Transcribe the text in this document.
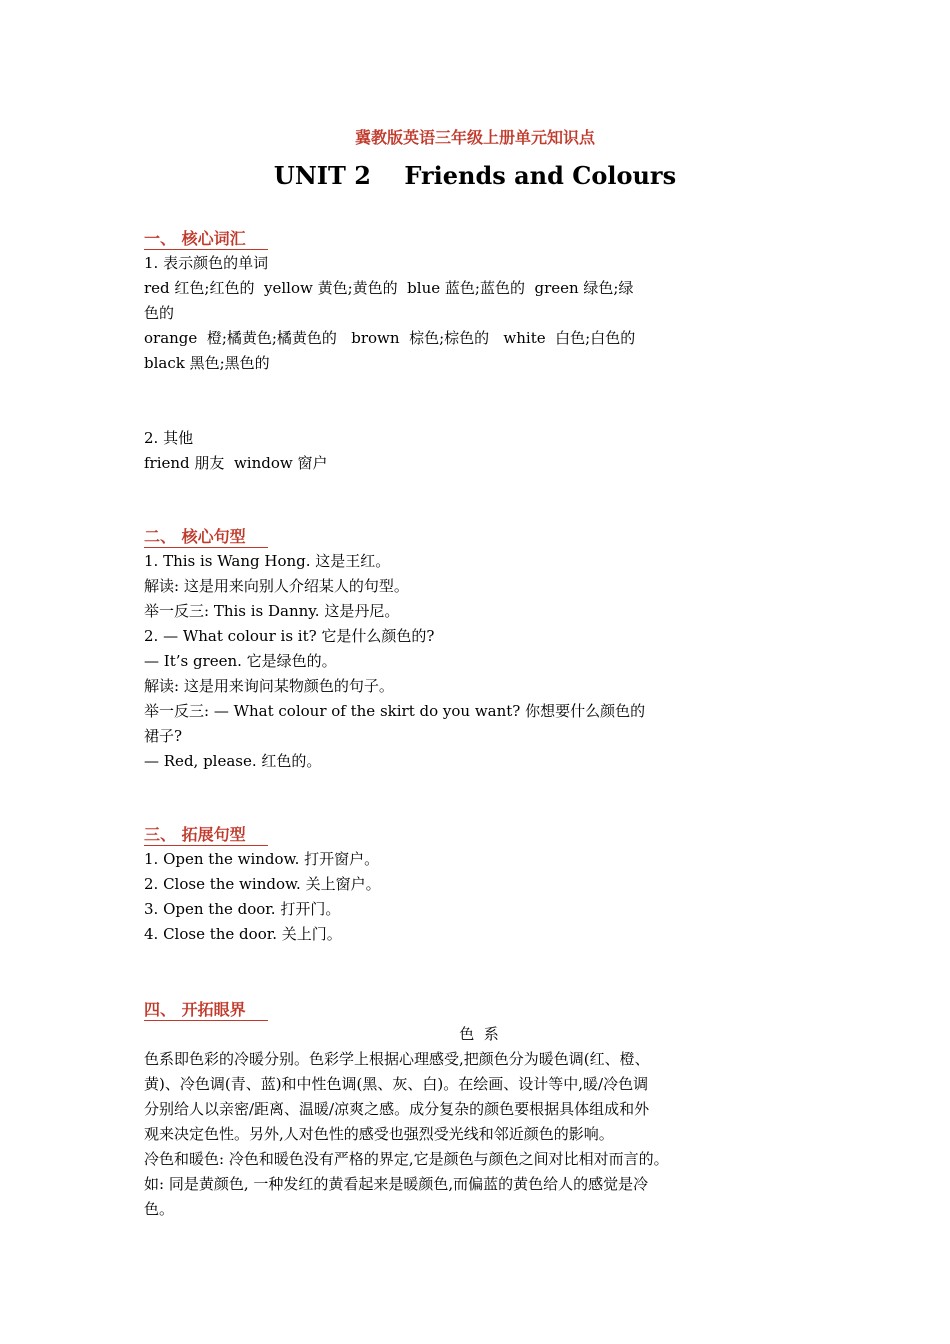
冀教版英语三年级上册单元知识点
UNIT 2    Friends and Colours
一、 核心词汇
1. 表示颜色的单词
red 红色;红色的  yellow 黄色;黄色的  blue 蓝色;蓝色的  green 绿色;绿
色的
orange  橙;橘黄色;橘黄色的   brown  棕色;棕色的   white  白色;白色的
black 黑色;黑色的
2. 其他
friend 朋友  window 窗户
二、 核心句型
1. This is Wang Hong. 这是王红。
解读: 这是用来向别人介绍某人的句型。
举一反三: This is Danny. 这是丹尼。
2. — What colour is it? 它是什么颜色的?
— It’s green. 它是绿色的。
解读: 这是用来询问某物颜色的句子。
举一反三: — What colour of the skirt do you want? 你想要什么颜色的
裙子?
— Red, please. 红色的。
三、 拓展句型
1. Open the window. 打开窗户。
2. Close the window. 关上窗户。
3. Open the door. 打开门。
4. Close the door. 关上门。
四、 开拓眼界
色  系
色系即色彩的冷暖分别。色彩学上根据心理感受,把颜色分为暖色调(红、橙、
黄)、冷色调(青、蓝)和中性色调(黑、灰、白)。在绘画、设计等中,暖/冷色调
分别给人以亲密/距离、温暖/凉爽之感。成分复杂的颜色要根据具体组成和外
观来决定色性。另外,人对色性的感受也强烈受光线和邻近颜色的影响。
冷色和暖色: 冷色和暖色没有严格的界定,它是颜色与颜色之间对比相对而言的。
如: 同是黄颜色, 一种发红的黄看起来是暖颜色,而偏蓝的黄色给人的感觉是冷
色。
